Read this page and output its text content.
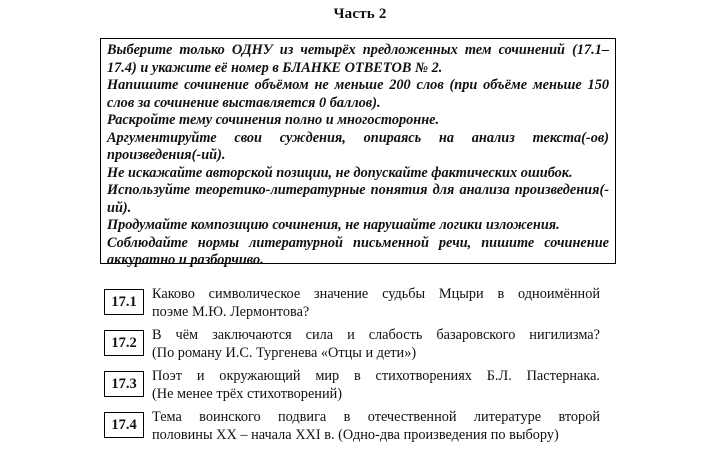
Часть 2

Выберите только ОДНУ из четырёх предложенных тем сочинений (17.1–17.4) и укажите её номер в БЛАНКЕ ОТВЕТОВ № 2.

Напишите сочинение объёмом не меньше 200 слов (при объёме меньше 150 слов за сочинение выставляется 0 баллов).

Раскройте тему сочинения полно и многосторонне.

Аргументируйте свои суждения, опираясь на анализ текста(-ов) произведения(-ий).

Не искажайте авторской позиции, не допускайте фактических ошибок.

Используйте теоретико-литературные понятия для анализа произведения(-ий).

Продумайте композицию сочинения, не нарушайте логики изложения.

Соблюдайте нормы литературной письменной речи, пишите сочинение аккуратно и разборчиво.

17.1	Каково символическое значение судьбы Мцыри в одноимённой
поэме М.Ю. Лермонтова?
17.2	В чём заключаются сила и слабость базаровского нигилизма?
(По роману И.С. Тургенева «Отцы и дети»)
17.3	Поэт и окружающий мир в стихотворениях Б.Л. Пастернака.
(Не менее трёх стихотворений)
17.4	Тема воинского подвига в отечественной литературе второй
половины XX – начала XXI в. (Одно-два произведения по выбору)
